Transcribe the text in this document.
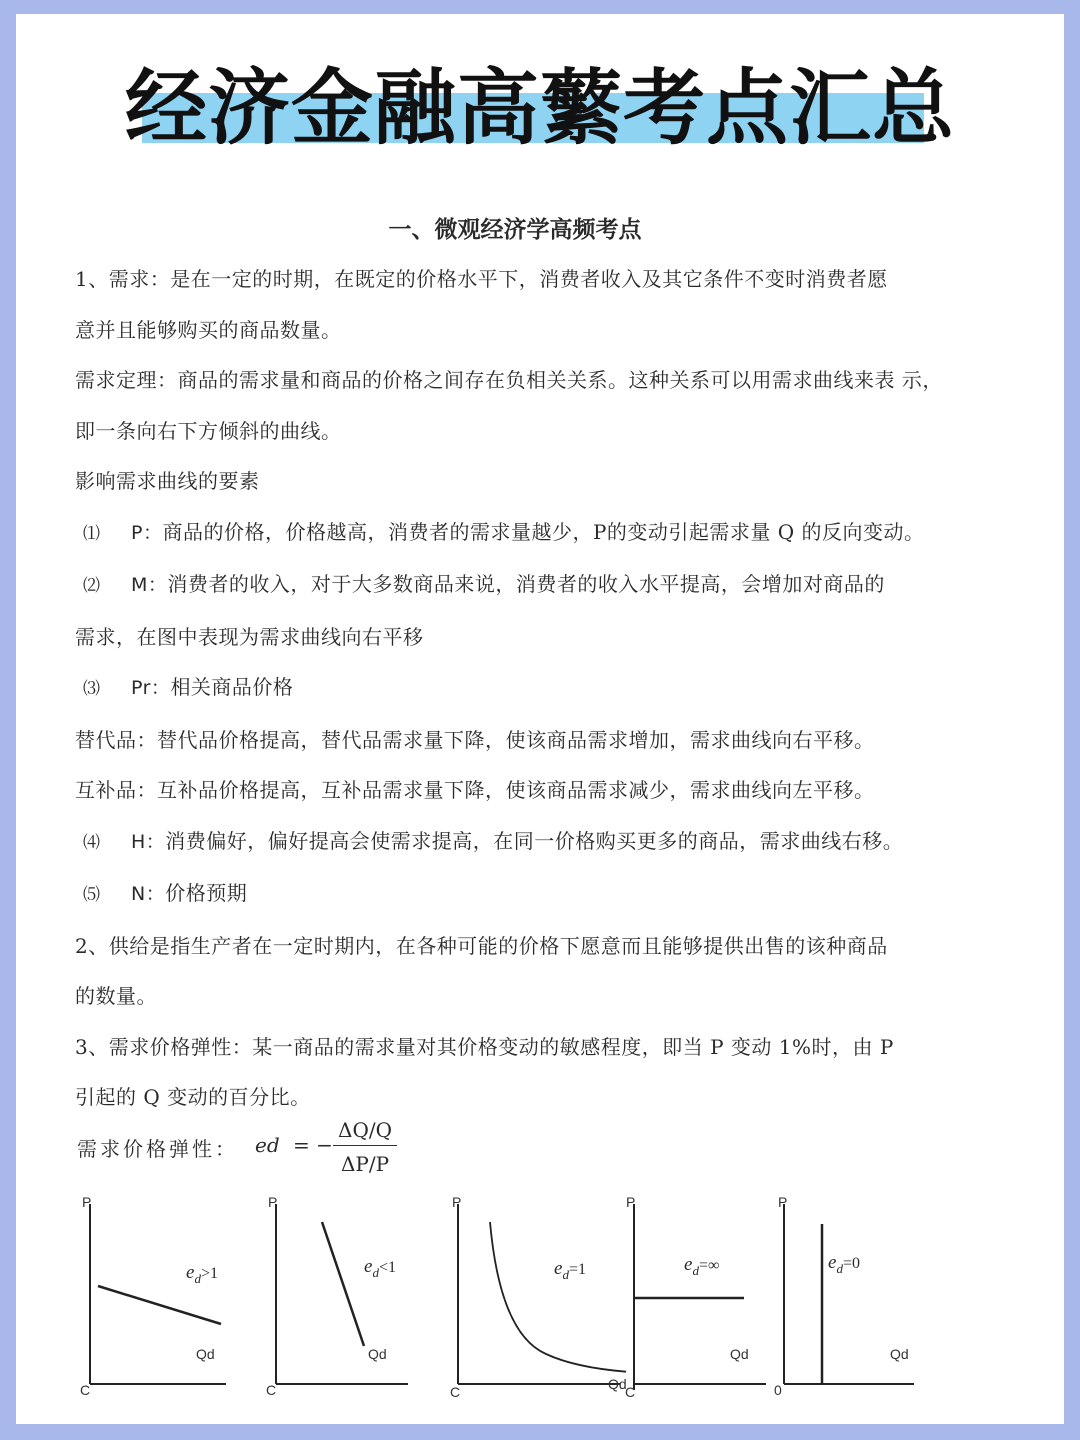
经济金融高蘩考点汇总
一、微观经济学高频考点
1、需求：是在一定的时期，在既定的价格水平下，消费者收入及其它条件不变时消费者愿
意并且能够购买的商品数量。
需求定理：商品的需求量和商品的价格之间存在负相关关系。这种关系可以用需求曲线来表 示，
即一条向右下方倾斜的曲线。
影响需求曲线的要素
⑴ P：商品的价格，价格越高，消费者的需求量越少，P的变动引起需求量 Q 的反向变动。
⑵ M：消费者的收入，对于大多数商品来说，消费者的收入水平提高，会增加对商品的
需求，在图中表现为需求曲线向右平移
⑶ Pr：相关商品价格
替代品：替代品价格提高，替代品需求量下降，使该商品需求增加，需求曲线向右平移。
互补品：互补品价格提高，互补品需求量下降，使该商品需求减少，需求曲线向左平移。
⑷ H：消费偏好，偏好提高会使需求提高，在同一价格购买更多的商品，需求曲线右移。
⑸ N：价格预期
2、供给是指生产者在一定时期内，在各种可能的价格下愿意而且能够提供出售的该种商品
的数量。
3、需求价格弹性：某一商品的需求量对其价格变动的敏感程度，即当 P 变动 1%时，由 P
引起的 Q 变动的百分比。
需求价格弹性： ed = − $\frac{\Delta Q/Q}{\Delta P/P}$
P
C
Qd
$e_d>1$
P
C
Qd
$e_d<1$
P
C	Qd
$e_d=1$
P
C
Qd
$e_d=\infty$
P
0
Qd
$e_d=0$
